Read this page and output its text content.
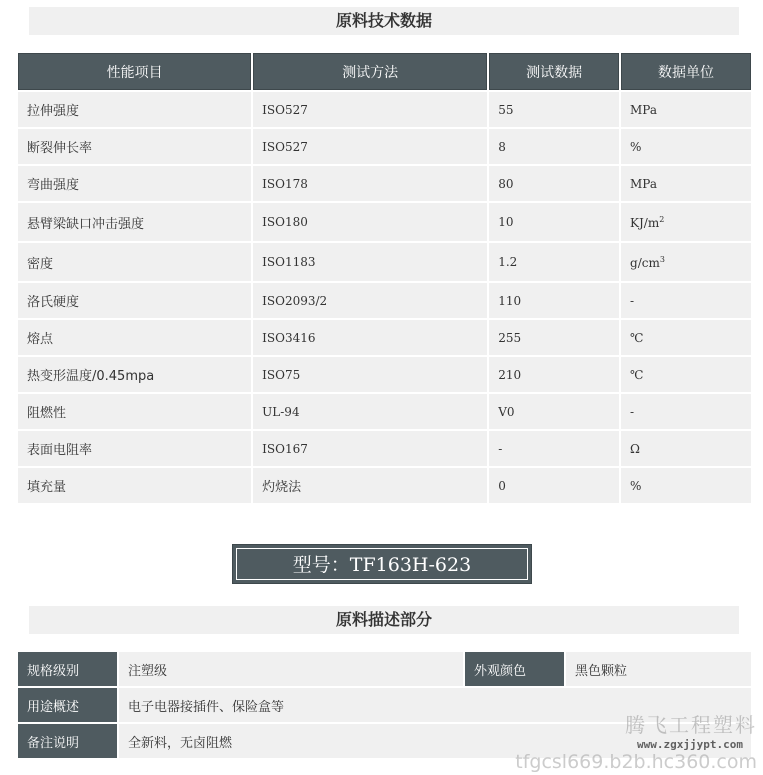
原料技术数据
性能项目	测试方法	测试数据	数据单位
拉伸强度	ISO527	55	MPa
断裂伸长率	ISO527	8	%
弯曲强度	ISO178	80	MPa
悬臂梁缺口冲击强度	ISO180	10	$KJ/m^2$
密度	ISO1183	1.2	$g/cm^3$
洛氏硬度	ISO2093/2	110	-
熔点	ISO3416	255	℃
热变形温度/0.45mpa	ISO75	210	℃
阻燃性	UL-94	V0	-
表面电阻率	ISO167	-	Ω
填充量	灼烧法	0	%
型号：TF163H-623
原料描述部分
规格级别	注塑级	外观颜色	黑色颗粒
用途概述	电子电器接插件、保险盒等		
备注说明	全新料，无卤阻燃		
腾飞工程塑料
www.zgxjjypt.com
tfgcsl669.b2b.hc360.com
